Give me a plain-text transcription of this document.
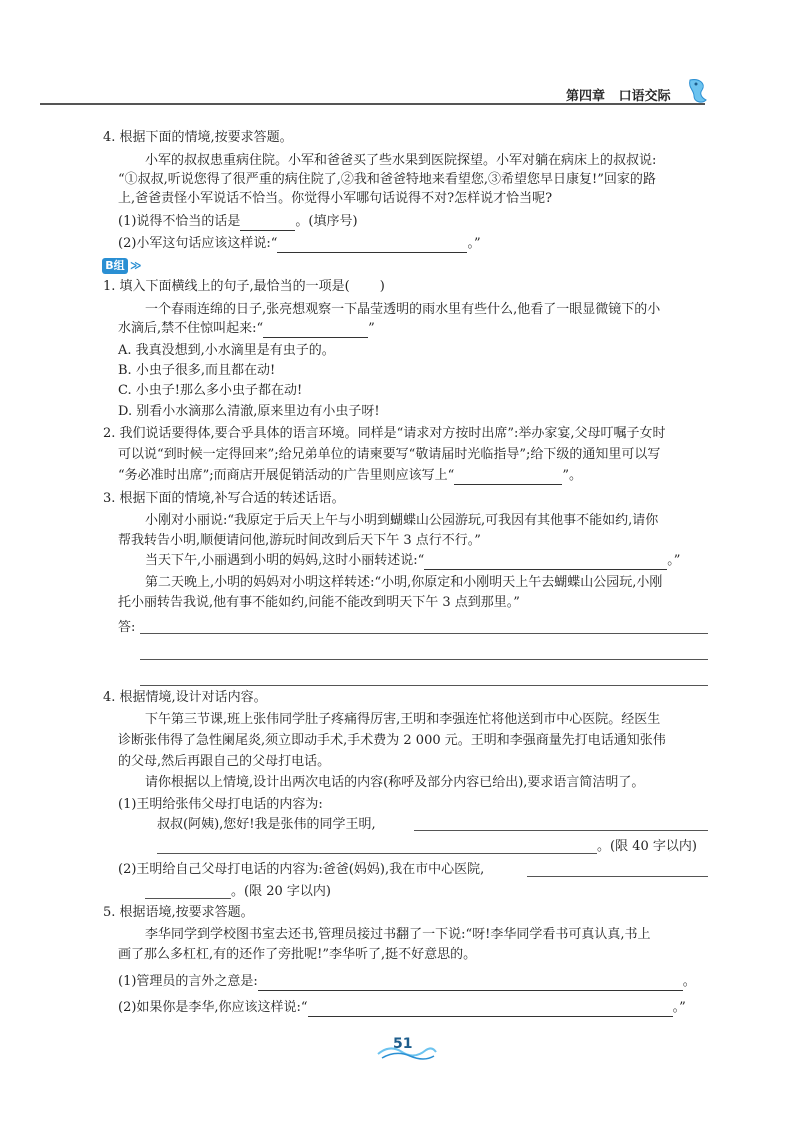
第四章 口语交际
4. 根据下面的情境,按要求答题。
小军的叔叔患重病住院。小军和爸爸买了些水果到医院探望。小军对躺在病床上的叔叔说:
“①叔叔,听说您得了很严重的病住院了,②我和爸爸特地来看望您,③希望您早日康复!”回家的路
上,爸爸责怪小军说话不恰当。你觉得小军哪句话说得不对?怎样说才恰当呢?
(1)说得不恰当的话是	。(填序号)
(2)小军这句话应该这样说:“	。”
B组 ≫
1. 填入下面横线上的句子,最恰当的一项是( )
一个春雨连绵的日子,张亮想观察一下晶莹透明的雨水里有些什么,他看了一眼显微镜下的小
水滴后,禁不住惊叫起来:“	”
A. 我真没想到,小水滴里是有虫子的。
B. 小虫子很多,而且都在动!
C. 小虫子!那么多小虫子都在动!
D. 别看小水滴那么清澈,原来里边有小虫子呀!
2. 我们说话要得体,要合乎具体的语言环境。同样是“请求对方按时出席”:举办家宴,父母叮嘱子女时
可以说“到时候一定得回来”;给兄弟单位的请柬要写“敬请届时光临指导”;给下级的通知里可以写
“务必准时出席”;而商店开展促销活动的广告里则应该写上“	”。
3. 根据下面的情境,补写合适的转述话语。
小刚对小丽说:“我原定于后天上午与小明到蝴蝶山公园游玩,可我因有其他事不能如约,请你
帮我转告小明,顺便请问他,游玩时间改到后天下午 3 点行不行。”
当天下午,小丽遇到小明的妈妈,这时小丽转述说:“	。”
第二天晚上,小明的妈妈对小明这样转述:“小明,你原定和小刚明天上午去蝴蝶山公园玩,小刚
托小丽转告我说,他有事不能如约,问能不能改到明天下午 3 点到那里。”
答:
4. 根据情境,设计对话内容。
下午第三节课,班上张伟同学肚子疼痛得厉害,王明和李强连忙将他送到市中心医院。经医生
诊断张伟得了急性阑尾炎,须立即动手术,手术费为 2 000 元。王明和李强商量先打电话通知张伟
的父母,然后再跟自己的父母打电话。
请你根据以上情境,设计出两次电话的内容(称呼及部分内容已给出),要求语言简洁明了。
(1)王明给张伟父母打电话的内容为:
叔叔(阿姨),您好!我是张伟的同学王明,
。(限 40 字以内)
(2)王明给自己父母打电话的内容为:爸爸(妈妈),我在市中心医院,
。(限 20 字以内)
5. 根据语境,按要求答题。
李华同学到学校图书室去还书,管理员接过书翻了一下说:“呀!李华同学看书可真认真,书上
画了那么多杠杠,有的还作了旁批呢!”李华听了,挺不好意思的。
(1)管理员的言外之意是:	。
(2)如果你是李华,你应该这样说:“	。”
51
